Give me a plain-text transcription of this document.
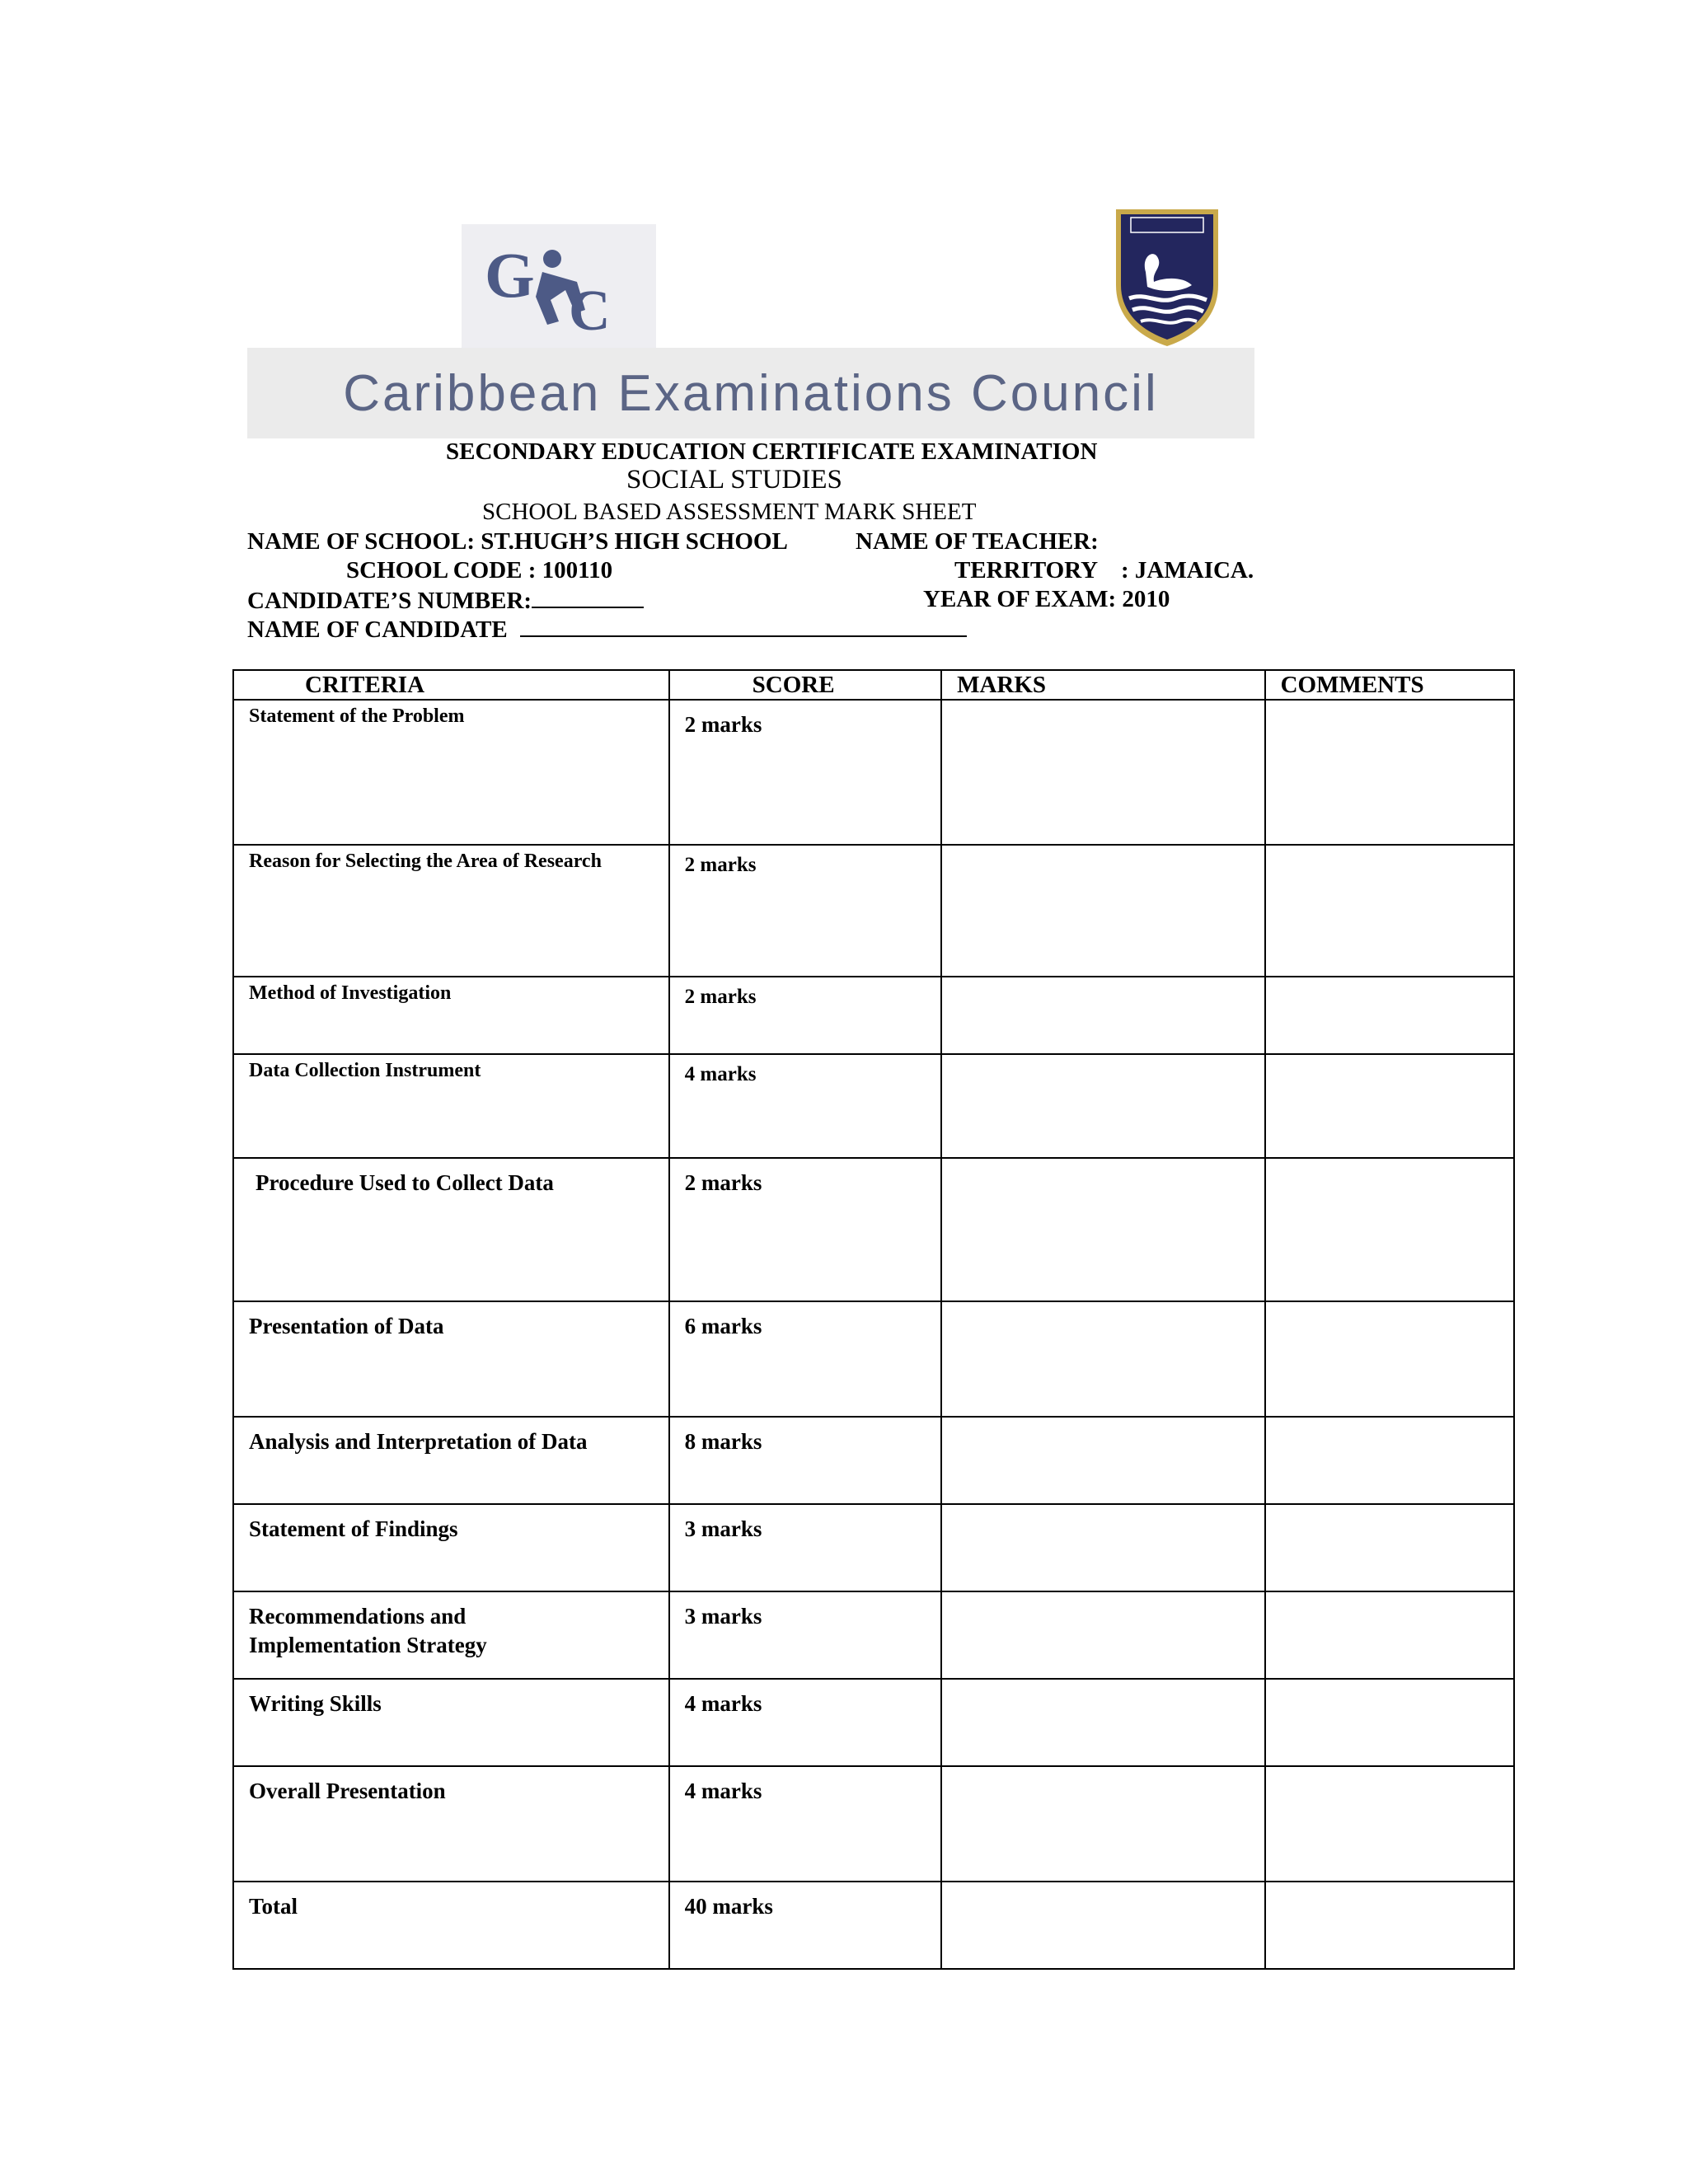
G
C
Caribbean Examinations Council
SECONDARY EDUCATION CERTIFICATE EXAMINATION
SOCIAL STUDIES
SCHOOL BASED ASSESSMENT MARK SHEET
NAME OF SCHOOL: ST.HUGH’S HIGH SCHOOL	NAME OF TEACHER:
SCHOOL CODE : 100110	TERRITORY    : JAMAICA.
CANDIDATE’S NUMBER:	YEAR OF EXAM: 2010
NAME OF CANDIDATE
CRITERIA	SCORE	MARKS	COMMENTS

Statement of the Problem	2 marks		

Reason for Selecting the Area of Research	2 marks		

Method of Investigation	2 marks		

Data Collection Instrument	4 marks		

Procedure Used to Collect Data	2 marks		

Presentation of Data	6 marks		

Analysis and Interpretation of Data	8 marks		

Statement of Findings	3 marks		

Recommendations and Implementation Strategy	3 marks		

Writing Skills	4 marks		

Overall Presentation	4 marks		

Total	40 marks		
